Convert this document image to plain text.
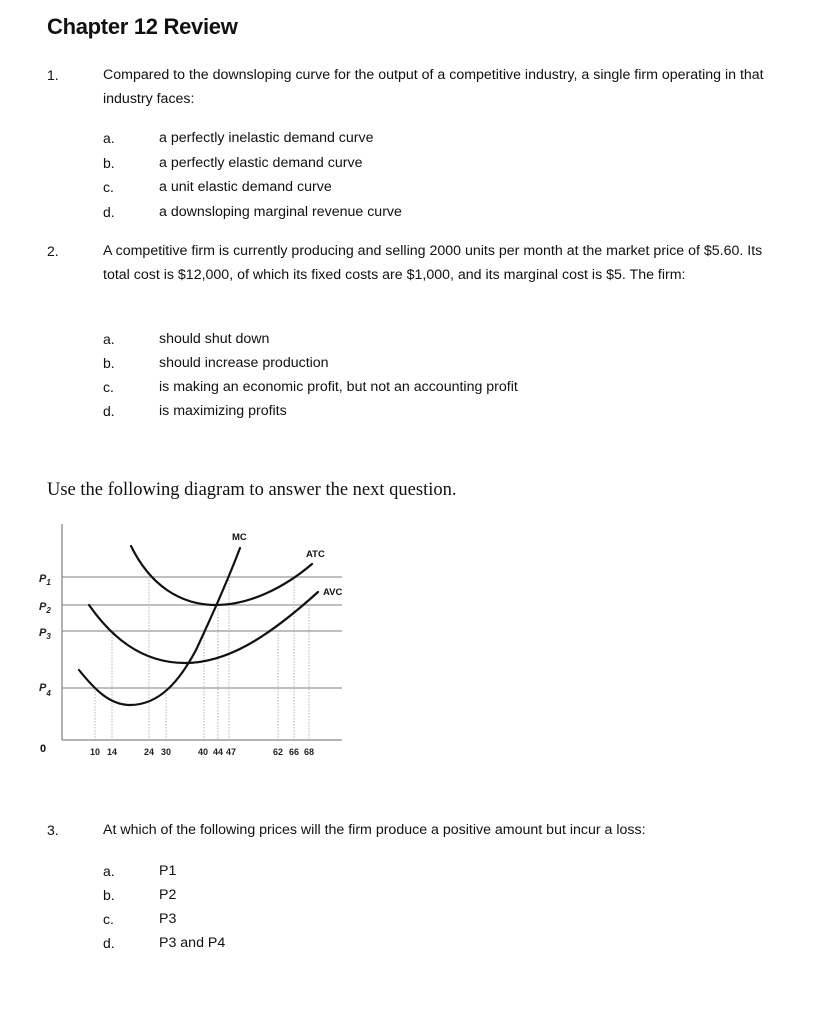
Chapter 12 Review
1.	Compared to the downsloping curve for the output of a competitive industry, a single firm operating in that industry faces:
a.	a perfectly inelastic demand curve
b.	a perfectly elastic demand curve
c.	a unit elastic demand curve
d.	a downsloping marginal revenue curve
2.	A competitive firm is currently producing and selling 2000 units per month at the market price of $5.60. Its total cost is $12,000, of which its fixed costs are $1,000, and its marginal cost is $5. The firm:
a.	should shut down
b.	should increase production
c.	is making an economic profit, but not an accounting profit
d.	is maximizing profits
Use the following diagram to answer the next question.
MC
ATC
AVC
$P_1$
$P_2$
$P_3$
$P_4$
0	10 14	24 30	40 44 47	62 66 68
3.	At which of the following prices will the firm produce a positive amount but incur a loss:
a.	P1
b.	P2
c.	P3
d.	P3 and P4
